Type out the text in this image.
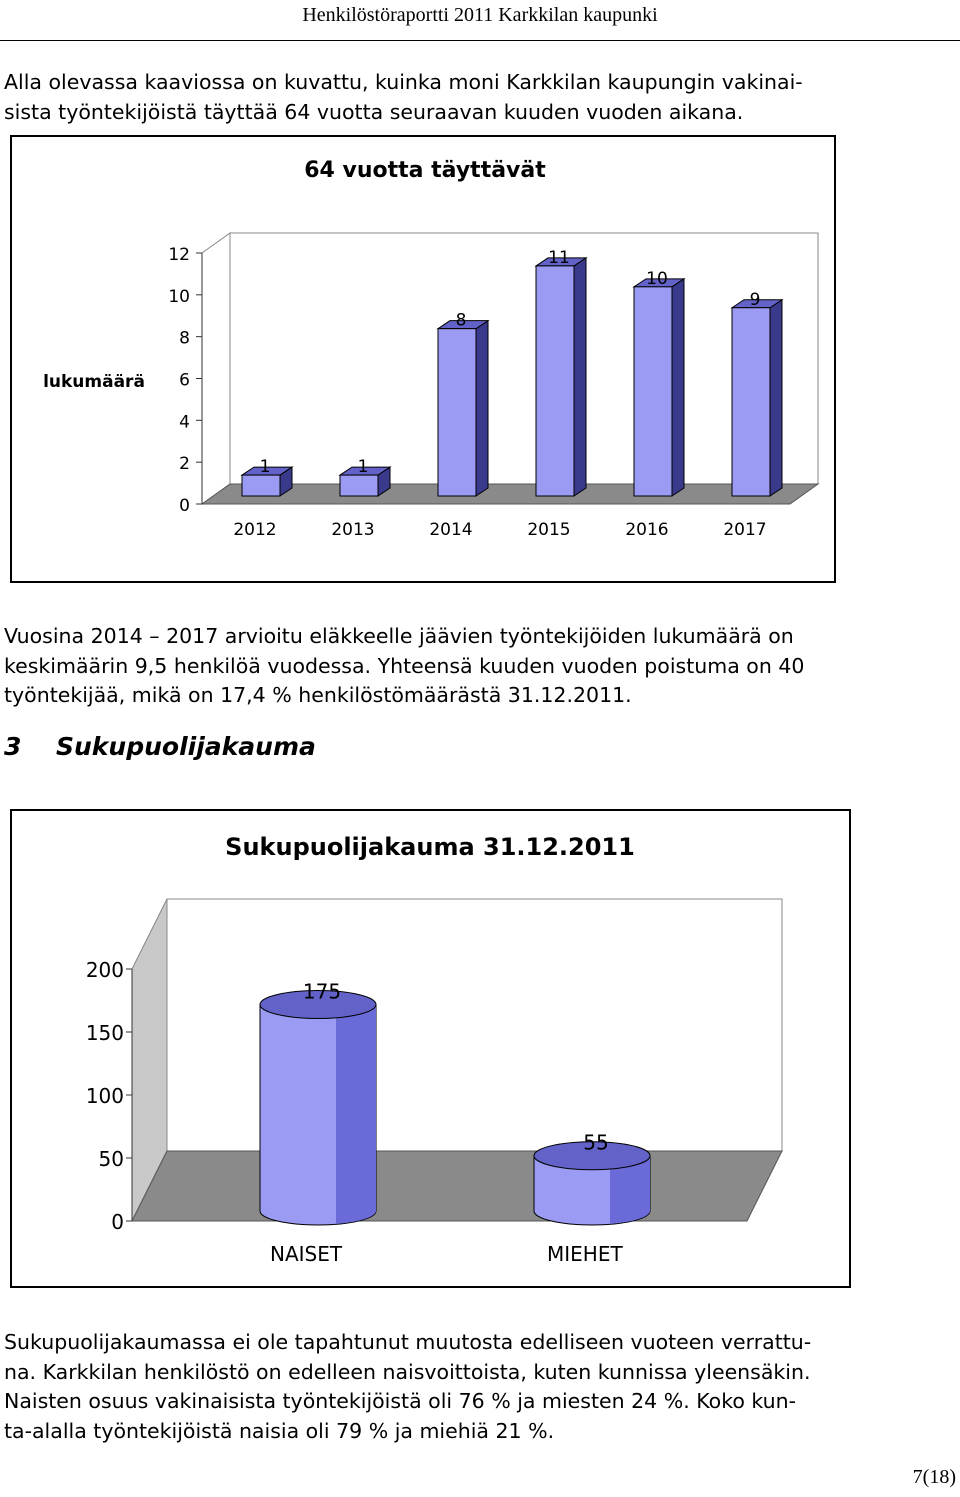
Henkilöstöraportti 2011 Karkkilan kaupunki
Alla olevassa kaaviossa on kuvattu, kuinka moni Karkkilan kaupungin vakinai-
sista työntekijöistä täyttää 64 vuotta seuraavan kuuden vuoden aikana.
64 vuotta täyttävät
lukumäärä
0
2
4
6
8
10
12
1
2012
1
2013
8
2014
11
2015
10
2016
9
2017
Vuosina 2014 – 2017 arvioitu eläkkeelle jäävien työntekijöiden lukumäärä on
keskimäärin 9,5 henkilöä vuodessa. Yhteensä kuuden vuoden poistuma on 40
työntekijää, mikä on 17,4 % henkilöstömäärästä 31.12.2011.
3 Sukupuolijakauma
Sukupuolijakauma 31.12.2011
0
50
100
150
200
175
NAISET
55
MIEHET
Sukupuolijakaumassa ei ole tapahtunut muutosta edelliseen vuoteen verrattu-
na. Karkkilan henkilöstö on edelleen naisvoittoista, kuten kunnissa yleensäkin.
Naisten osuus vakinaisista työntekijöistä oli 76 % ja miesten 24 %. Koko kun-
ta-alalla työntekijöistä naisia oli 79 % ja miehiä 21 %.
7(18)
